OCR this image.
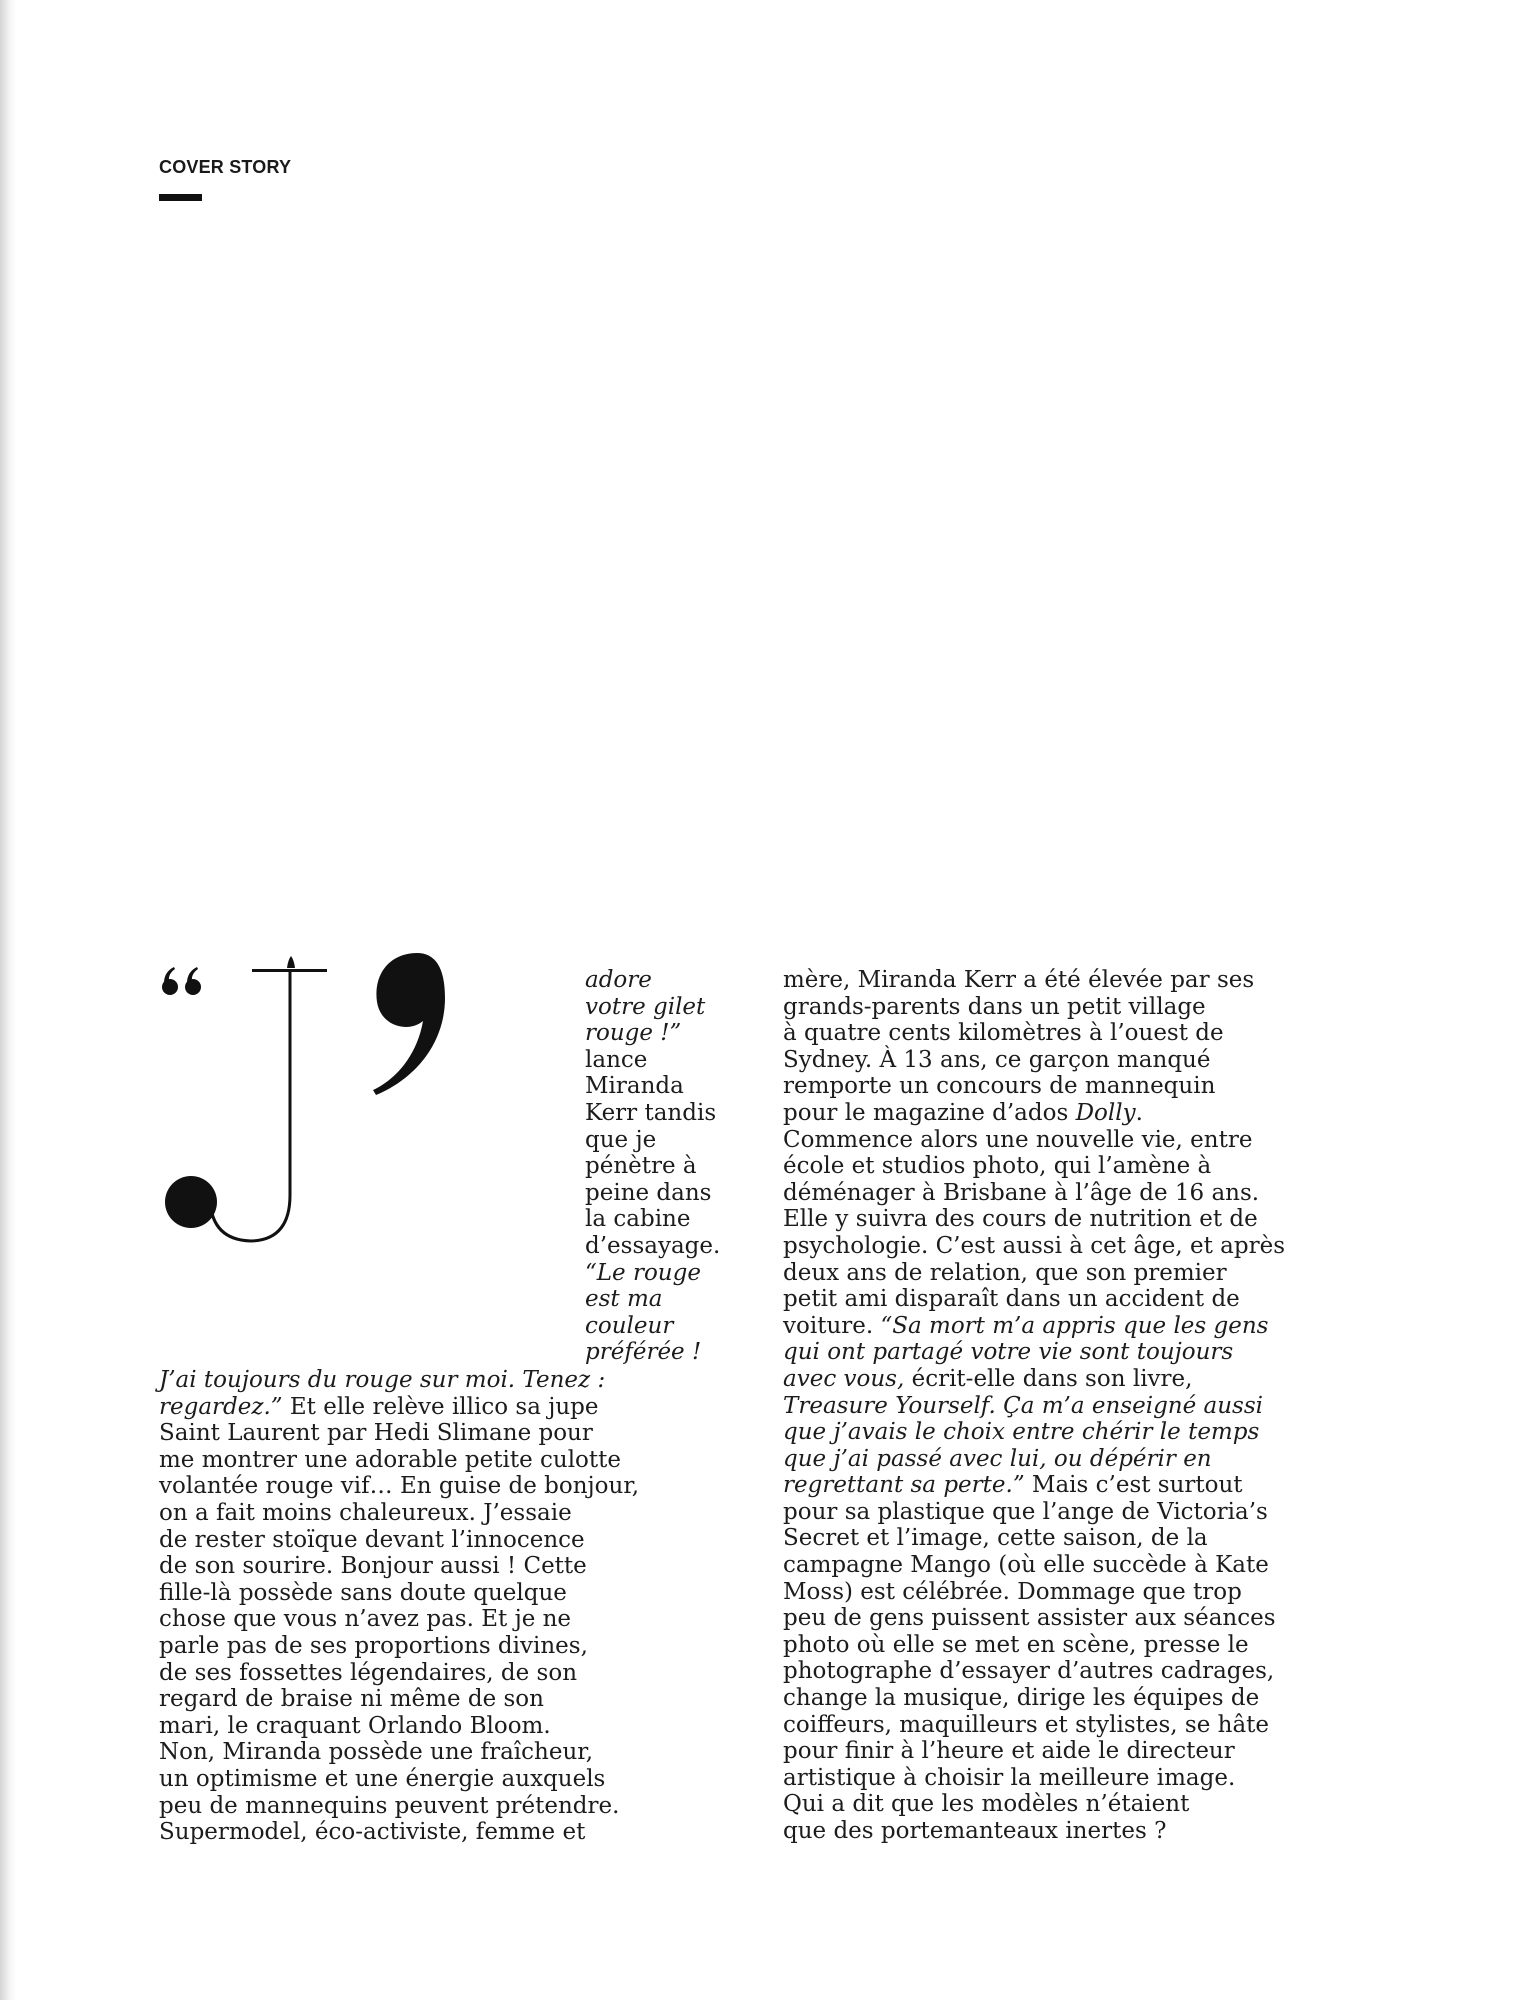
COVER STORY

adore
votre gilet
rouge !”
lance
Miranda
Kerr tandis
que je
pénètre à
peine dans
la cabine
d’essayage.
“Le rouge
est ma
couleur
préférée !
J’ai toujours du rouge sur moi. Tenez :
regardez.” Et elle relève illico sa jupe
Saint Laurent par Hedi Slimane pour
me montrer une adorable petite culotte
volantée rouge vif… En guise de bonjour,
on a fait moins chaleureux. J’essaie
de rester stoïque devant l’innocence
de son sourire. Bonjour aussi ! Cette
fille-là possède sans doute quelque
chose que vous n’avez pas. Et je ne
parle pas de ses proportions divines,
de ses fossettes légendaires, de son
regard de braise ni même de son
mari, le craquant Orlando Bloom.
Non, Miranda possède une fraîcheur,
un optimisme et une énergie auxquels
peu de mannequins peuvent prétendre.
Supermodel, éco-activiste, femme et
mère, Miranda Kerr a été élevée par ses
grands-parents dans un petit village
à quatre cents kilomètres à l’ouest de
Sydney. À 13 ans, ce garçon manqué
remporte un concours de mannequin
pour le magazine d’ados Dolly.
Commence alors une nouvelle vie, entre
école et studios photo, qui l’amène à
déménager à Brisbane à l’âge de 16 ans.
Elle y suivra des cours de nutrition et de
psychologie. C’est aussi à cet âge, et après
deux ans de relation, que son premier
petit ami disparaît dans un accident de
voiture. “Sa mort m’a appris que les gens
qui ont partagé votre vie sont toujours
avec vous, écrit-elle dans son livre,
Treasure Yourself. Ça m’a enseigné aussi
que j’avais le choix entre chérir le temps
que j’ai passé avec lui, ou dépérir en
regrettant sa perte.” Mais c’est surtout
pour sa plastique que l’ange de Victoria’s
Secret et l’image, cette saison, de la
campagne Mango (où elle succède à Kate
Moss) est célébrée. Dommage que trop
peu de gens puissent assister aux séances
photo où elle se met en scène, presse le
photographe d’essayer d’autres cadrages,
change la musique, dirige les équipes de
coiffeurs, maquilleurs et stylistes, se hâte
pour finir à l’heure et aide le directeur
artistique à choisir la meilleure image.
Qui a dit que les modèles n’étaient
que des portemanteaux inertes ?
